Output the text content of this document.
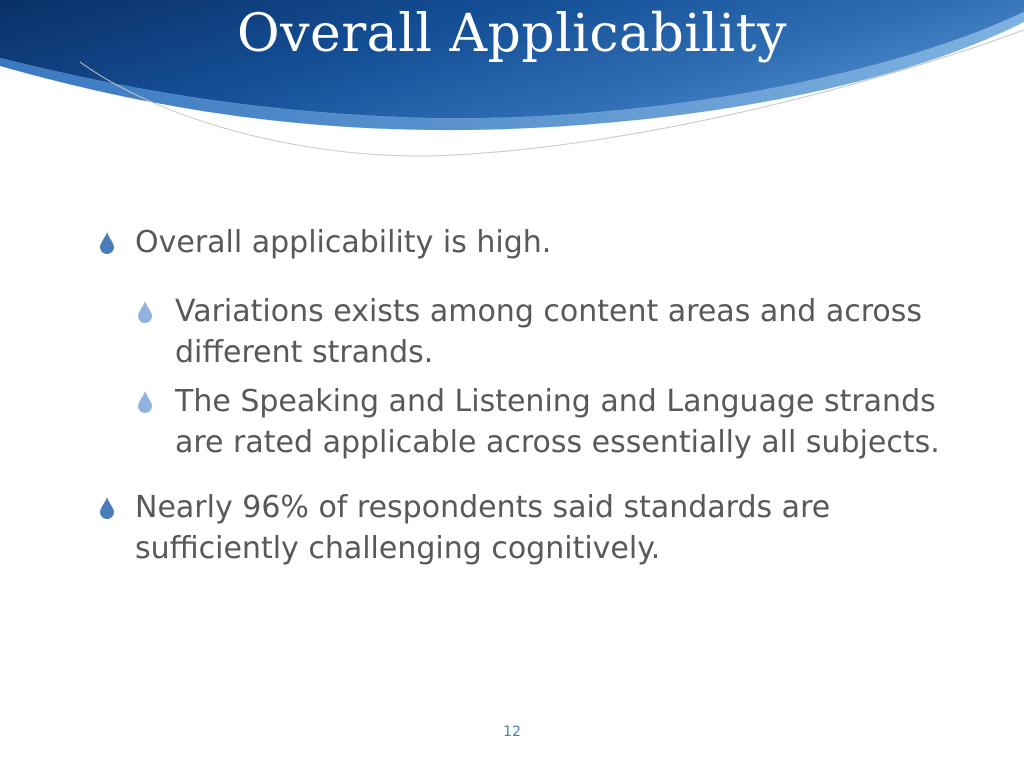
Overall Applicability
Overall applicability is high.
Variations exists among content areas and across different strands.
The Speaking and Listening and Language strands are rated applicable across essentially all subjects.
Nearly 96% of respondents said standards are sufficiently challenging cognitively.
12
